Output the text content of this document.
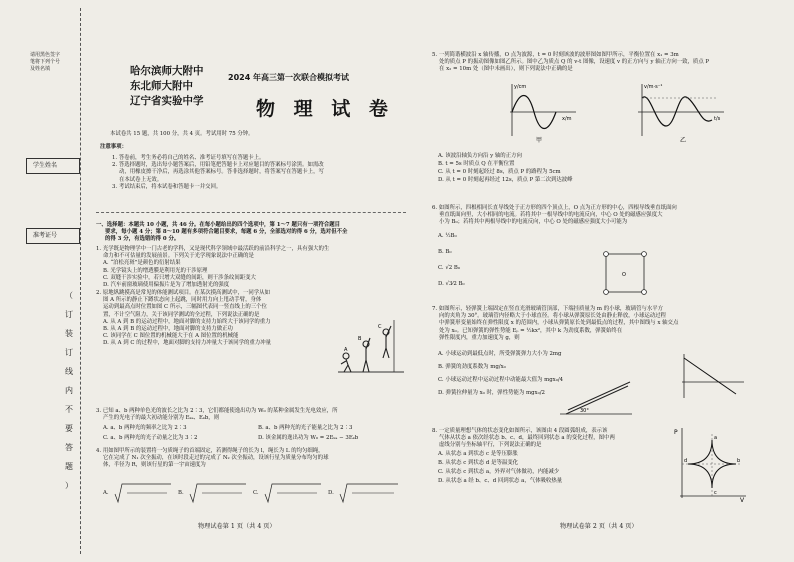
请用黑色签字
笔将下列个号
及姓名填
学生姓名
准考证号
（
订
装
订
线
内
不
要
答
题
）
哈尔滨师大附中
东北师大附中
辽宁省实验中学
2024 年高三第一次联合模拟考试
物 理 试 卷
本试卷共 15 题，共 100 分，共 4 页。考试用时 75 分钟。
注意事项：
1. 答卷前，考生务必将自己的姓名、准考证号填写在答题卡上。
2. 答选择题时，选出每小题答案后，用铅笔把答题卡上对应题目的答案标号涂黑。如需改
动，用橡皮擦干净后，再选涂其他答案标号。答非选择题时，将答案写在答题卡上，写
在本试卷上无效。
3. 考试结束后，将本试卷和答题卡一并交回。
一、选择题：本题共 10 小题，共 46 分。在每小题给出的四个选项中，第 1～7 题只有一项符合题目
要求，每小题 4 分；第 8～10 题有多项符合题目要求，每题 6 分，全部选对的得 6 分，选对但不全
的得 3 分，有选错的得 0 分。
1. 光学既是物理学中一门古老的学科，又是现代科学领域中最活跃的前沿科学之一，具有强大的生
命力和不可估量的发展前景。下列关于光学现象说法中正确的是
A. “泊松亮斑”是颜色的衍射结果
B. 光学镜头上的增透膜是利用光的干涉原理
C. 双缝干涉实验中，若只增大双缝的间距，则干涉条纹间距变大
D. 汽车前窗玻璃使用偏振片是为了增加透射光的强度
2. 原地纵跳摸高是常见的体能测试项目。在某次摸高测试中，一同学从如
图 A 所示的静止下蹲状态向上起跳，同时用力向上甩动手臂，身体
运动到最高点时位置如图 C 所示，三幅图代表同一竖直线上的三个位
置，不计空气阻力，关于该同学测试的全过程，下列说法正确的是
A. 从 A 到 B 的运动过程中，地面对脚的支持力始终大于该同学的重力
B. 从 A 到 B 的运动过程中，地面对脚的支持力做正功
C. 该同学在 C 图位置的机械能大于在 A 图位置的机械能
D. 从 A 到 C 的过程中，地面对脚的支持力冲量大于该同学的重力冲量
A
B
C
3. 已知 a、b 两种单色光的波长之比为 2∶3，它们都能使逸出功为 W₀ 的某种金属发生光电效应，所
产生的光电子的最大初动能分别为 Eₖₐ、Eₖb，则
A. a、b 两种光的频率之比为 2∶3	B. a、b 两种光的光子能量之比为 2∶3
C. a、b 两种光的光子动量之比为 3∶2	D. 该金属的逸出功为 W₀ = 2Eₖₐ − 3Eₖb
4. 用如图甲所示的装置将一匀质绳子的首端固定，若测得绳子的长为 l，绳长为 L 的均匀细绳，
它在完成了 N₁ 次全振动，在该时段走过的完成了 N₂ 次全振动，设该行星为质量分布均匀的球
体，半径为 R，则该行星的第一宇宙速度为
A.	B.	C.	D.
物理试卷第 1 页（共 4 页）
5. 一列简谐横波沿 x 轴传播，O 点为波源，t = 0 时刻该波的波形图如图甲所示，平衡位置在 x₁ = 3m
处的质点 P 的振动图像如图乙所示。图中乙为质点 Q 的 v-t 图像，设速度 v 的正方向与 y 轴正方向一致，质点 P
在 x₂ = 10m 处（图中未画出），则下列说法中正确的是
y/cm
x/m
甲
v/m·s⁻¹
t/s
乙
A. 该波沿轴负方向沿 y 轴的正方向
B. t = 5s 时质点 Q 在平衡位置
C. 从 t = 0 时刻起经过 8s，质点 P 的路程为 5cm
D. 从 t = 0 时刻起再经过 12s，质点 P 第二次到达波峰
6. 如图所示，四根相同长直导线处于正方形的四个顶点上，O 点为正方形的中心，四根导线垂直纸面向
垂直纸面向里，大小相同的电流。若将其中一根导线中的电流反向，中心 O 处的磁感应强度大
小为 B₀；若将其中两根导线中的电流反向，中心 O 处的磁感应强度大小可能为
A. ½B₀
B. B₀
C. √2 B₀
D. √3⁄2 B₀
O
7. 如图所示，轻弹簧上端固定在竖直光滑玻璃管顶部，下端挂质量为 m 的小球，玻璃管与水平方
向的夹角为 30°。玻璃管内径略大于小球直径。将小球从弹簧原长处由静止释放，小球运动过程
中弹簧形变量始终在弹性限度 x 的范围内，小球从弹簧原长处到最低点的过程，其中图线与 x 轴交点
处为 x₀。已知弹簧的弹性势能 Eₚ = ½kx²，其中 k 为劲度系数，弹簧始终在
弹性限度内，重力加速度为 g，则
A. 小球运动到最低点时，所受弹簧弹力大小为 2mg
B. 弹簧的劲度系数为 mg/x₀
C. 小球运动过程中运动过程中动能最大值为 mgx₀/4
D. 弹簧拉伸量为 x₀ 时，弹性势能为 mgx₀/2
30°
8. 一定质量理想气体的状态变化如图所示，该图由 4 段圆弧组成，表示该
气体从状态 a 依次经状态 b、c、d，最终回到状态 a 的变化过程，图中两
虚线分别与坐标轴平行，下列说法正确的是
A. 从状态 a 到状态 c 是等压膨胀
B. 从状态 c 到状态 d 是等温变化
C. 从状态 c 到状态 a，外界对气体做功，内能减少
D. 从状态 a 经 b、c、d 回到状态 a，气体吸收热量
P
V
a
b
c
d
物理试卷第 2 页（共 4 页）
